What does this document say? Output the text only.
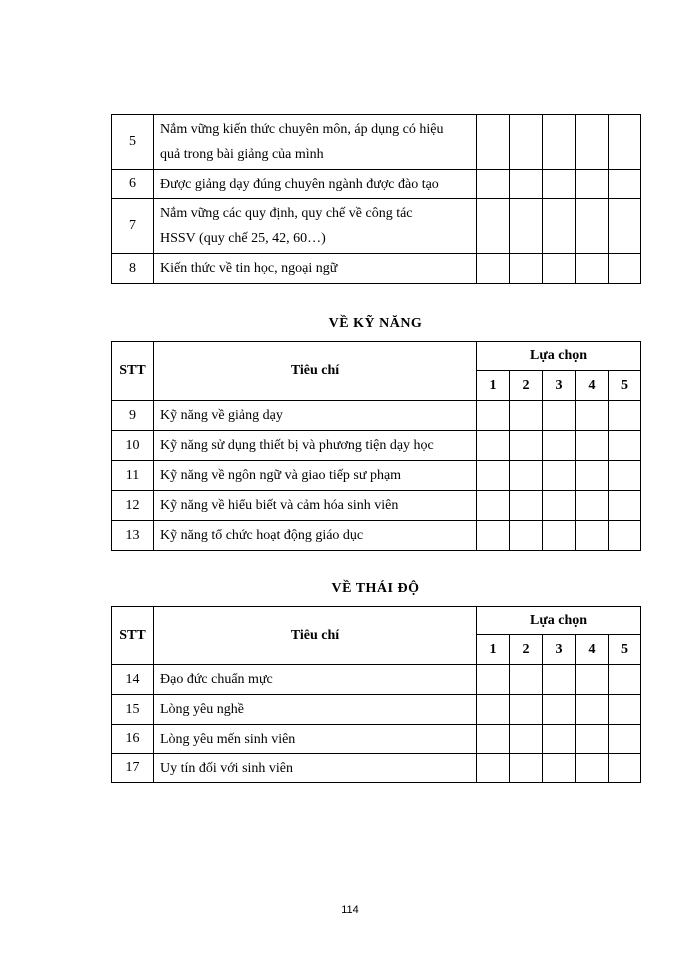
5	Nắm vững kiến thức chuyên môn, áp dụng có hiệu
quả trong bài giảng của mình					
6	Được giảng dạy đúng chuyên ngành được đào tạo					
7	Nắm vững các quy định, quy chế về công tác
HSSV (quy chế 25, 42, 60…)					
8	Kiến thức về tin học, ngoại ngữ					
VỀ KỸ NĂNG
STT	Tiêu chí	Lựa chọn				
		1	2	3	4	5
9	Kỹ năng về giảng dạy					
10	Kỹ năng sử dụng thiết bị và phương tiện dạy học					
11	Kỹ năng về ngôn ngữ và giao tiếp sư phạm					
12	Kỹ năng về hiểu biết và cảm hóa sinh viên					
13	Kỹ năng tổ chức hoạt động giáo dục					
VỀ THÁI ĐỘ
STT	Tiêu chí	Lựa chọn				
		1	2	3	4	5
14	Đạo đức chuẩn mực					
15	Lòng yêu nghề					
16	Lòng yêu mến sinh viên					
17	Uy tín đối với sinh viên					
114
